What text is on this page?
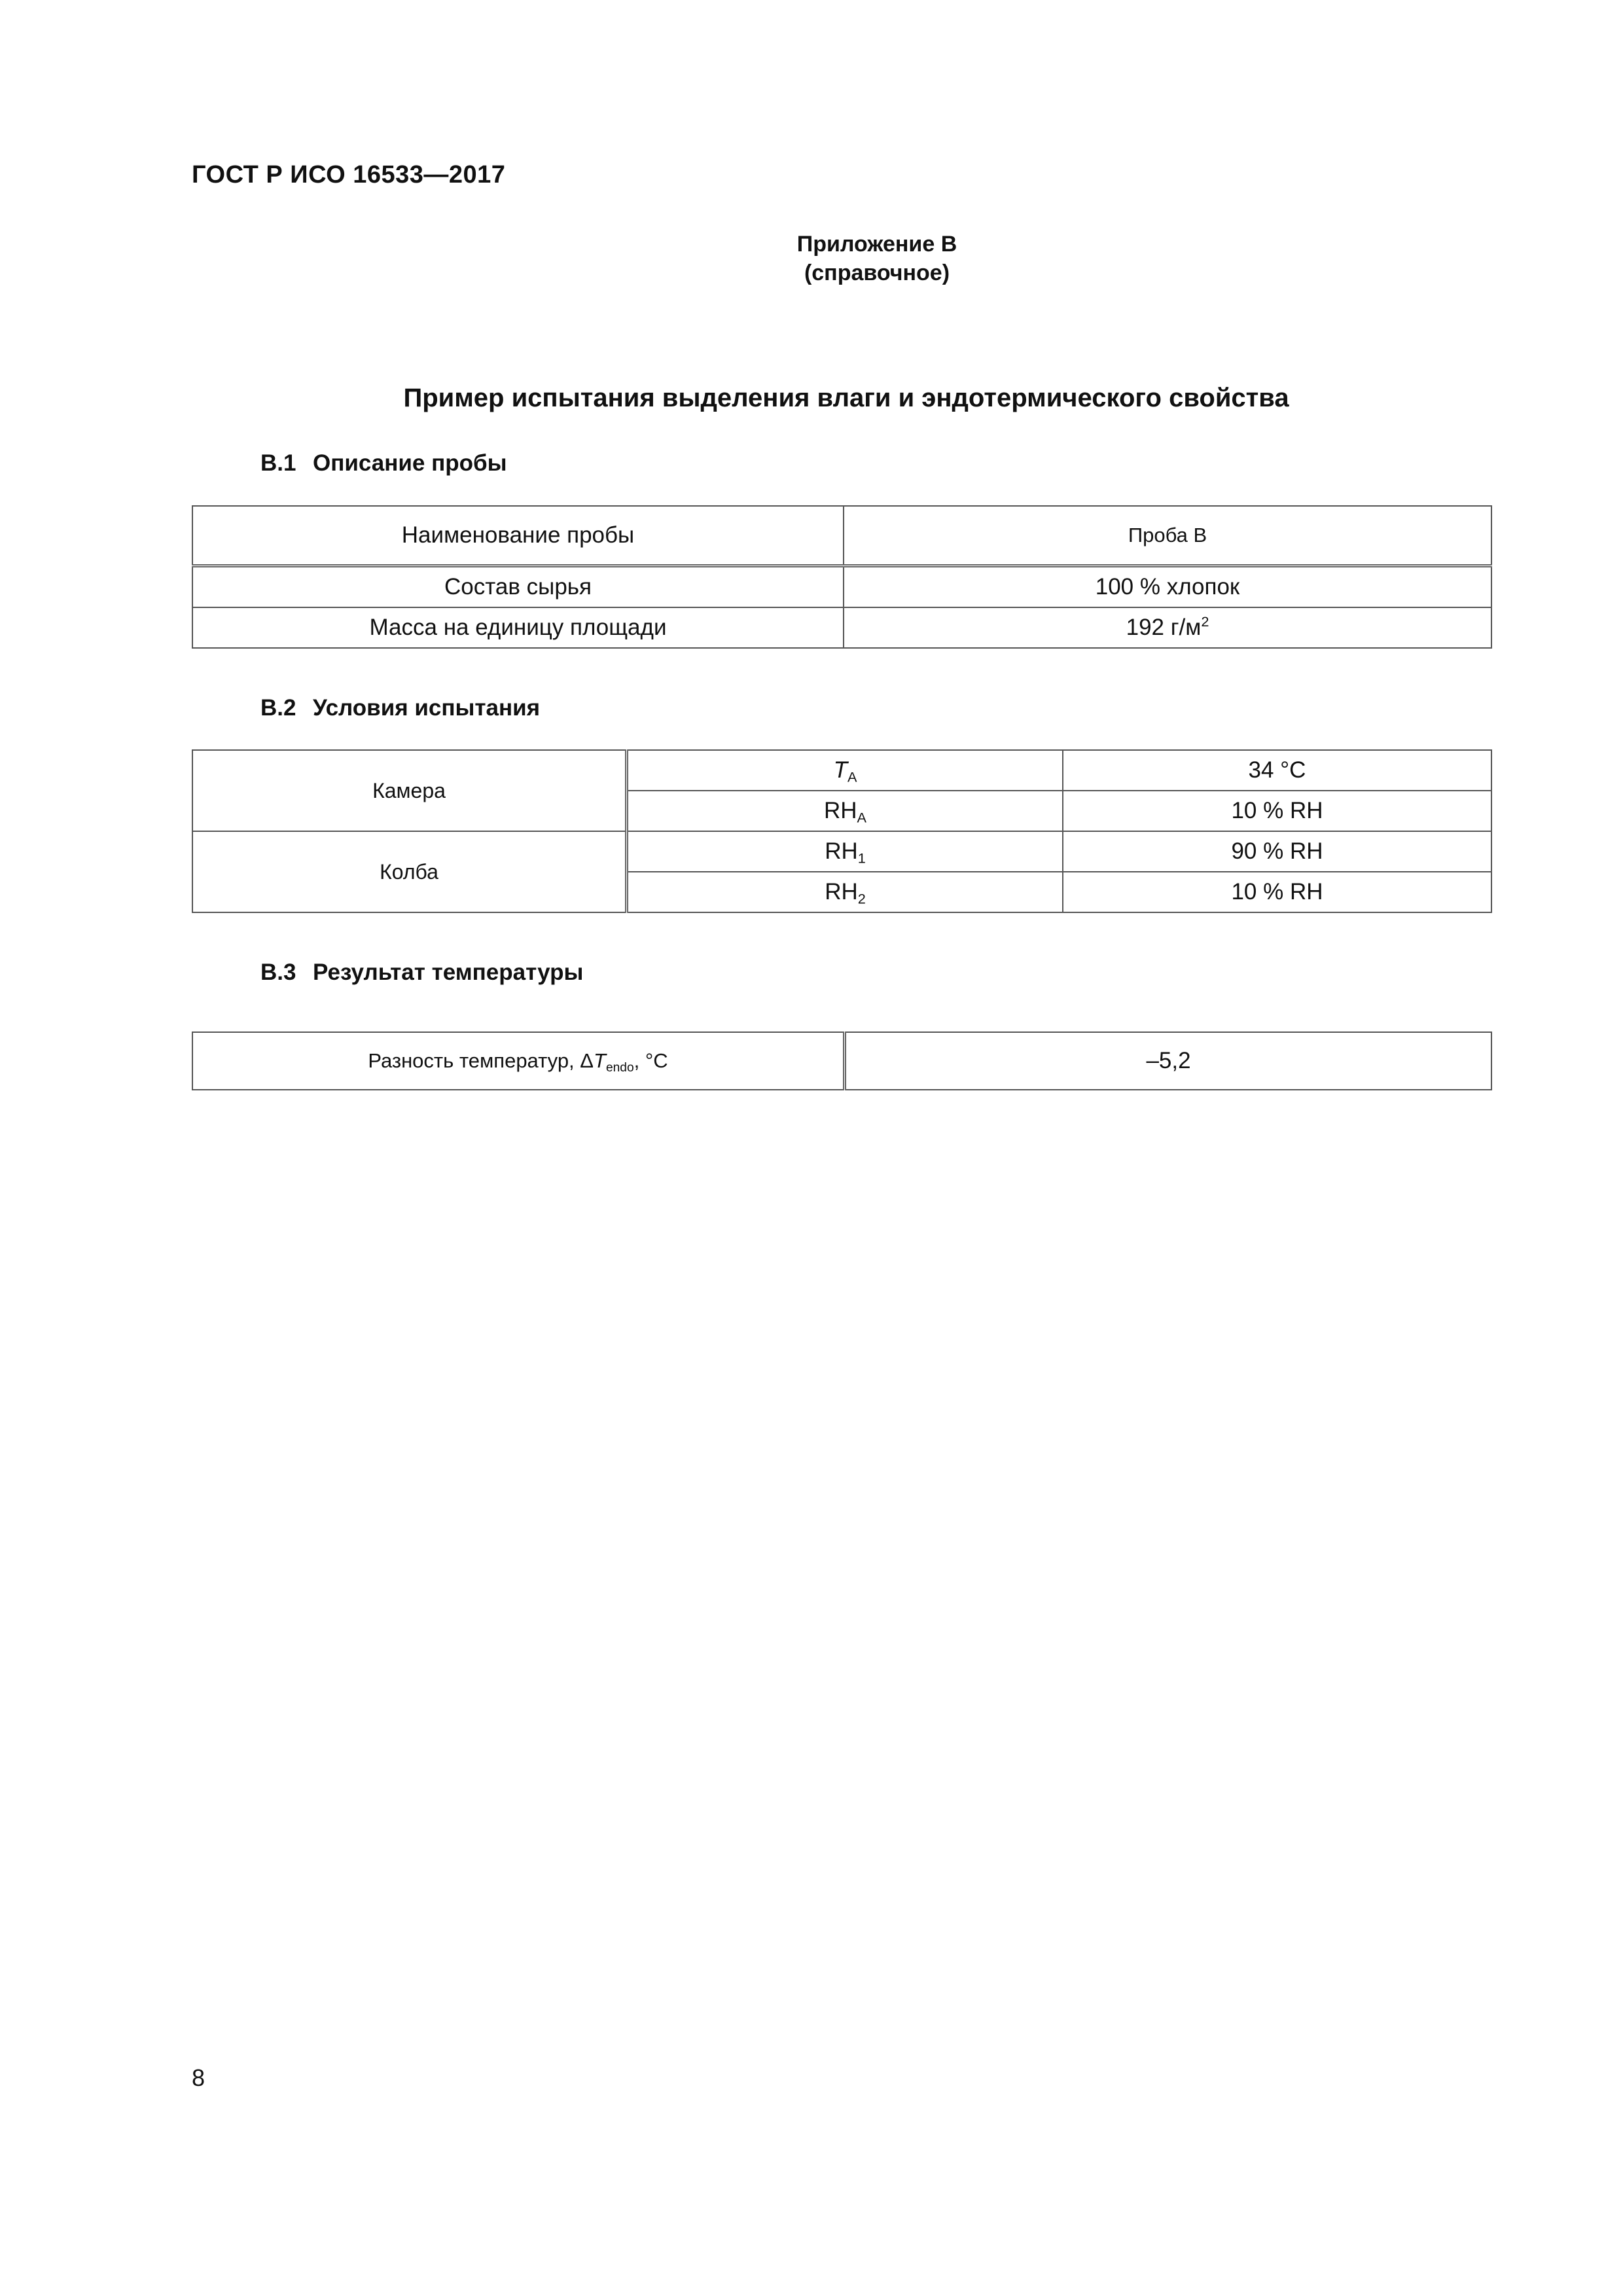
ГОСТ Р ИСО 16533—2017
Приложение В
(справочное)
Пример испытания выделения влаги и эндотермического свойства
В.1 Описание пробы
Наименование пробы	Проба В
Состав сырья	100 % хлопок
Масса на единицу площади	192 $г/м^2$
В.2 Условия испытания
Камера	$T_A$	34 °С
	$RH_A$	10 % RH
Колба	$RH_1$	90 % RH
	$RH_2$	10 % RH
В.3 Результат температуры
Разность температур, $\Delta T_{endo}$, °С	–5,2
8
